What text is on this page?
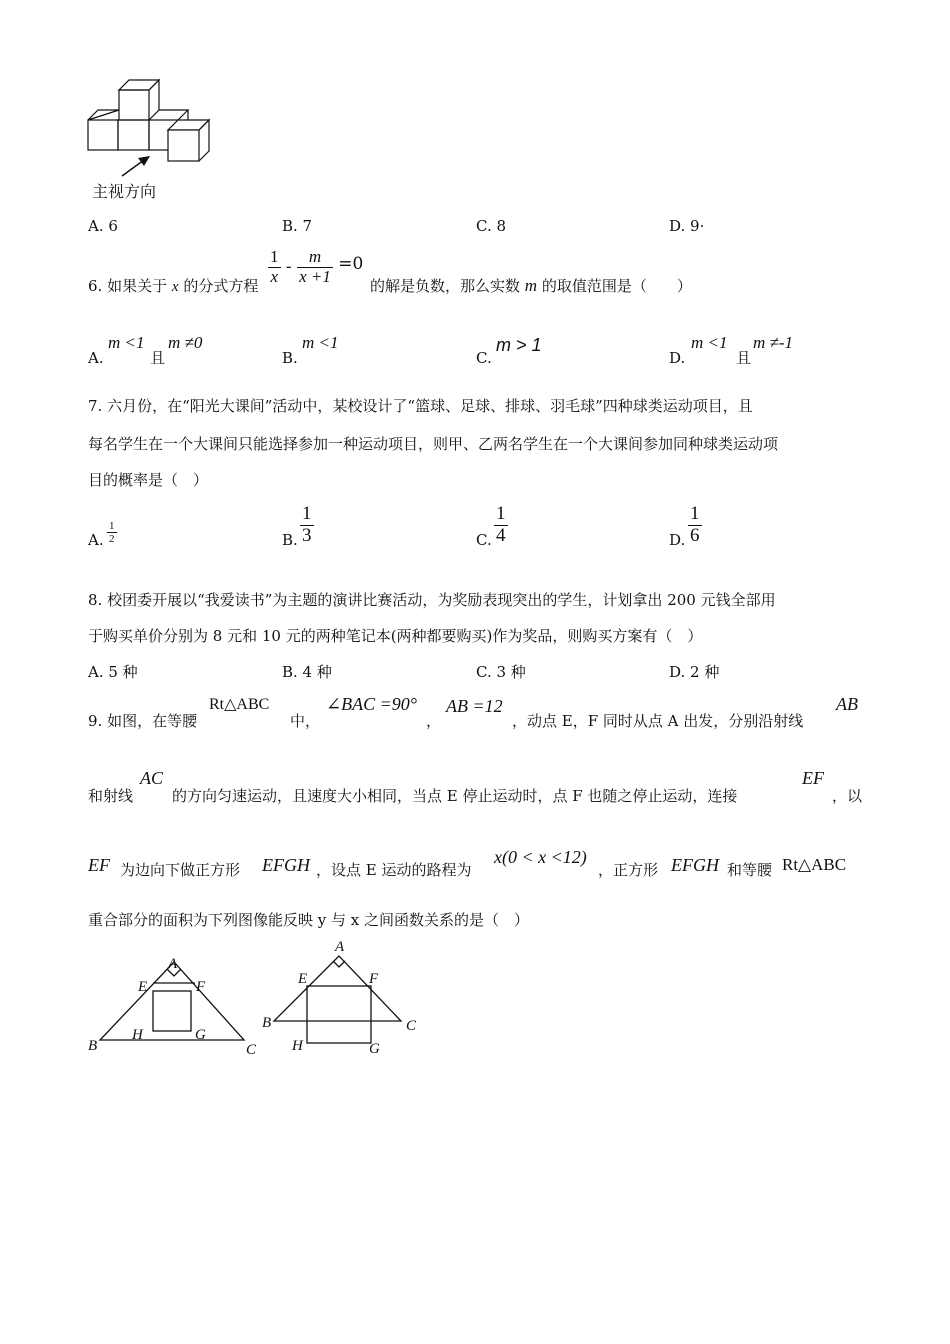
主视方向
A. 6	B. 7	C. 8	D. 9·
6. 如果关于 x 的分式方程 $\frac{1}{x} - \frac{m}{x +1} =0$
的解是负数，那么实数 m 的取值范围是（　　）
A.
m <1
且
m ≠0
B.
m <1
C.
m > 1
D.
m <1
且
m ≠-1
7. 六月份，在“阳光大课间”活动中，某校设计了“篮球、足球、排球、羽毛球”四种球类运动项目，且
每名学生在一个大课间只能选择参加一种运动项目，则甲、乙两名学生在一个大课间参加同种球类运动项
目的概率是（　）
A. $\frac{1}{2}$	B. $\frac{1}{3}$	C. $\frac{1}{4}$	D. $\frac{1}{6}$
8. 校团委开展以“我爱读书”为主题的演讲比赛活动，为奖励表现突出的学生，计划拿出 200 元钱全部用
于购买单价分别为 8 元和 10 元的两种笔记本(两种都要购买)作为奖品，则购买方案有（　）
A. 5 种	B. 4 种	C. 3 种	D. 2 种
9. 如图，在等腰
Rt△ABC
中，
∠BAC =90°
，
AB =12
，动点 E，F 同时从点 A 出发，分别沿射线
AB
和射线
AC
的方向匀速运动，且速度大小相同，当点 E 停止运动时，点 F 也随之停止运动，连接
EF
，以
EF 为边向下做正方形 EFGH ，设点 E 运动的路程为
x(0 < x <12)
，正方形 EFGH 和等腰 Rt△ABC
重合部分的面积为下列图像能反映 y 与 x 之间函数关系的是（　）
A
E	F
H	G
B	C
A
E	F
B	C
H	G
